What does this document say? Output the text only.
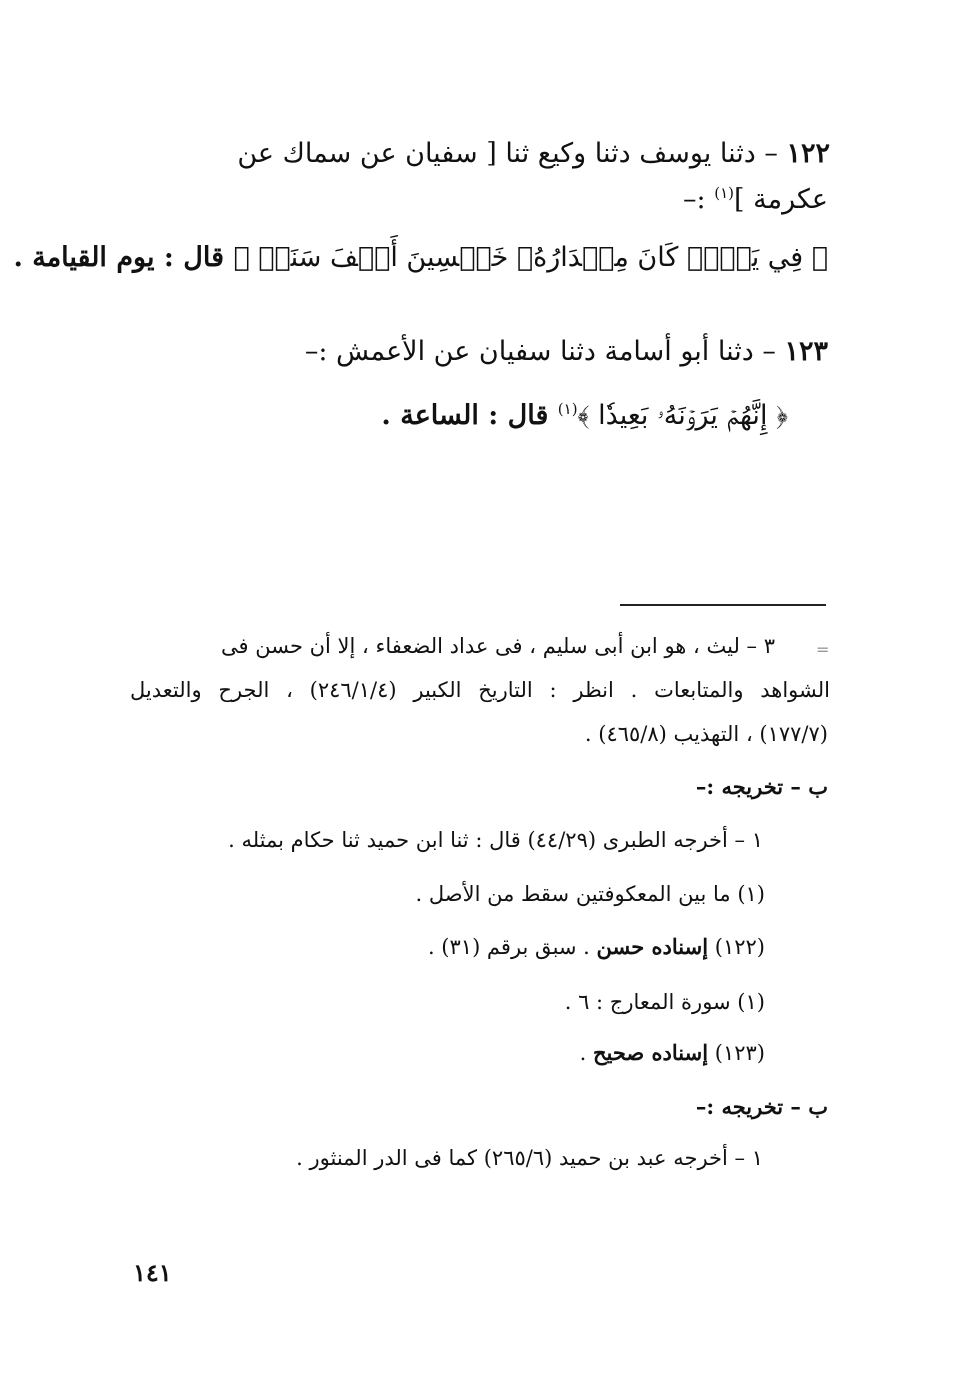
١٢٢ – دثنا يوسف دثنا وكيع ثنا [ سفيان عن سماك عن
عكرمة ]$^{(١)}$ :–
﴿ فِي يَوۡمٖ كَانَ مِقۡدَارُهُۥ خَمۡسِينَ أَلۡفَ سَنَةٖ ﴾ قال : يوم القيامة .
١٢٣ – دثنا أبو أسامة دثنا سفيان عن الأعمش :–
﴿ إِنَّهُمۡ يَرَوۡنَهُۥ بَعِيدٗا ﴾$^{(١)}$ قال : الساعة .
=
٣ – ليث ، هو ابن أبى سليم ، فى عداد الضعفاء ، إلا أن حسن فى
الشواهد والمتابعات . انظر : التاريخ الكبير (٢٤٦/١/٤) ، الجرح والتعديل
(١٧٧/٧) ، التهذيب (٤٦٥/٨) .
ب – تخريجه :–
١ – أخرجه الطبرى (٤٤/٢٩) قال : ثنا ابن حميد ثنا حكام بمثله .
(١) ما بين المعكوفتين سقط من الأصل .
(١٢٢) إسناده حسن . سبق برقم (٣١) .
(١) سورة المعارج : ٦ .
(١٢٣) إسناده صحيح .
ب – تخريجه :–
١ – أخرجه عبد بن حميد (٢٦٥/٦) كما فى الدر المنثور .
١٤١
